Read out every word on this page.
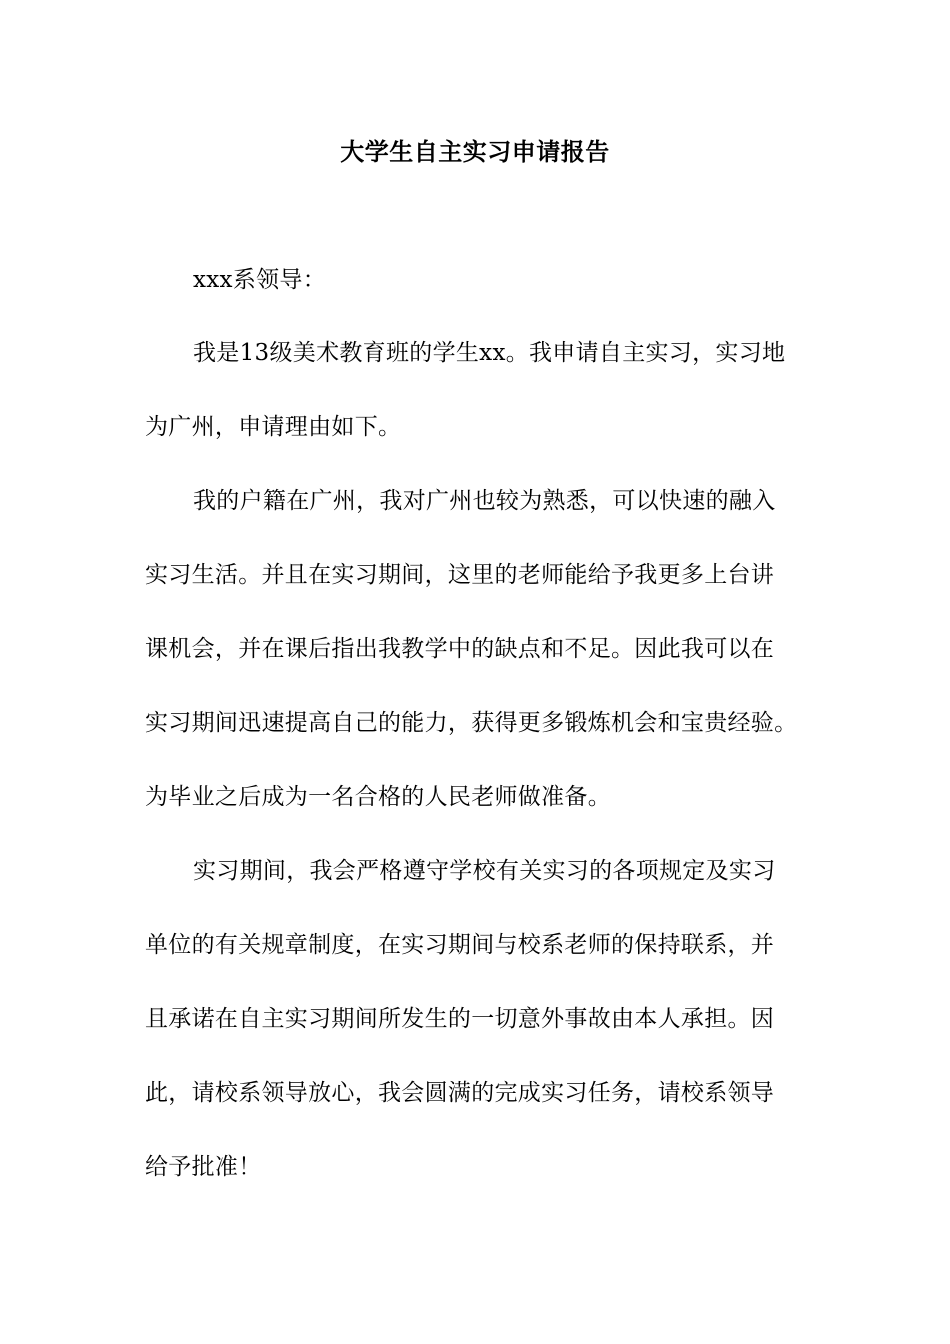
大学生自主实习申请报告
xxx系领导：
我是13级美术教育班的学生xx。我申请自主实习，实习地
为广州，申请理由如下。
我的户籍在广州，我对广州也较为熟悉，可以快速的融入
实习生活。并且在实习期间，这里的老师能给予我更多上台讲
课机会，并在课后指出我教学中的缺点和不足。因此我可以在
实习期间迅速提高自己的能力，获得更多锻炼机会和宝贵经验。
为毕业之后成为一名合格的人民老师做准备。
实习期间，我会严格遵守学校有关实习的各项规定及实习
单位的有关规章制度，在实习期间与校系老师的保持联系，并
且承诺在自主实习期间所发生的一切意外事故由本人承担。因
此，请校系领导放心，我会圆满的完成实习任务，请校系领导
给予批准！
